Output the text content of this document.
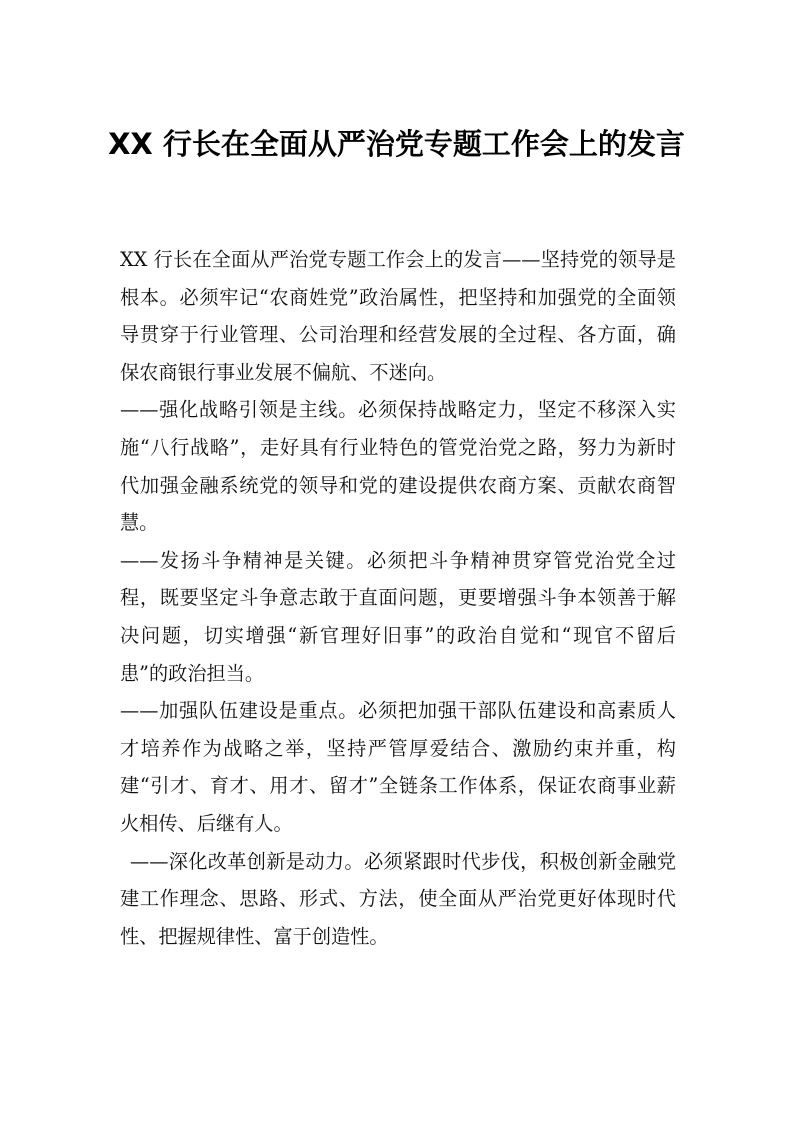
XX 行长在全面从严治党专题工作会上的发言

XX 行长在全面从严治党专题工作会上的发言——坚持党的领导是根本。必须牢记“农商姓党”政治属性，把坚持和加强党的全面领导贯穿于行业管理、公司治理和经营发展的全过程、各方面，确保农商银行事业发展不偏航、不迷向。

——强化战略引领是主线。必须保持战略定力，坚定不移深入实施“八行战略”，走好具有行业特色的管党治党之路，努力为新时代加强金融系统党的领导和党的建设提供农商方案、贡献农商智慧。

——发扬斗争精神是关键。必须把斗争精神贯穿管党治党全过程，既要坚定斗争意志敢于直面问题，更要增强斗争本领善于解决问题，切实增强“新官理好旧事”的政治自觉和“现官不留后患”的政治担当。

——加强队伍建设是重点。必须把加强干部队伍建设和高素质人才培养作为战略之举，坚持严管厚爱结合、激励约束并重，构建“引才、育才、用才、留才”全链条工作体系，保证农商事业薪火相传、后继有人。

——深化改革创新是动力。必须紧跟时代步伐，积极创新金融党建工作理念、思路、形式、方法，使全面从严治党更好体现时代性、把握规律性、富于创造性。
